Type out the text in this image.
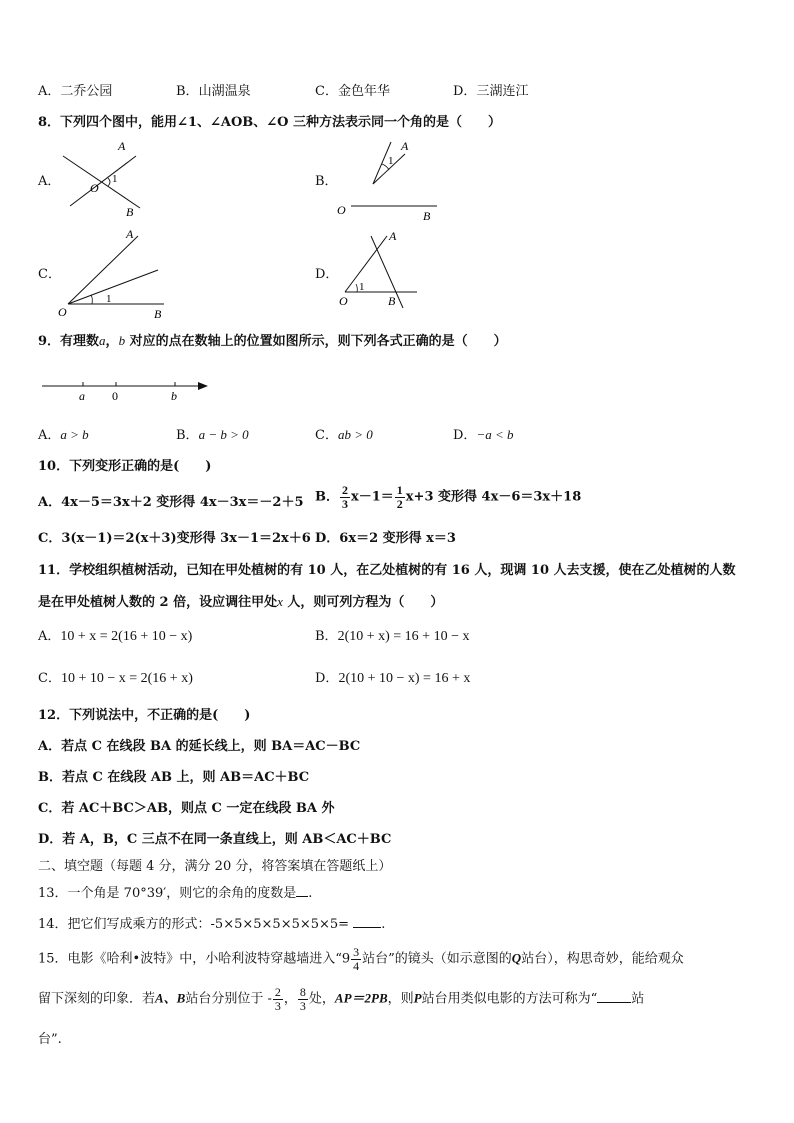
A．二乔公园	B．山湖温泉	C．金色年华	D．三湖连江
8．下列四个图中，能用∠1、∠AOB、∠O 三种方法表示同一个角的是（　　）
A．
A
1
O
B
B．
A
1
O	B
C．
A
1
O	B
D．
A
1
O	B
9．有理数a，b 对应的点在数轴上的位置如图所示，则下列各式正确的是（　　）
a 0	b
A．a > b	B．a − b > 0	C．ab > 0	D．−a < b
10．下列变形正确的是(　　)
A．4x－5＝3x＋2 变形得 4x－3x＝－2＋5 B． $\frac{2}{3} x-1= \frac{1}{2} x+3$ 变形得 4x－6＝3x＋18
C．3(x－1)＝2(x＋3)变形得 3x－1＝2x＋6 D．6x＝2 变形得 x＝3
11．学校组织植树活动，已知在甲处植树的有 10 人，在乙处植树的有 16 人，现调 10 人去支援，使在乙处植树的人数
是在甲处植树人数的 2 倍，设应调往甲处x 人，则可列方程为（　　）
A．10 + x = 2(16 + 10 − x)	B．2(10 + x) = 16 + 10 − x
C．10 + 10 − x = 2(16 + x)	D．2(10 + 10 − x) = 16 + x
12．下列说法中，不正确的是(　　)
A．若点 C 在线段 BA 的延长线上，则 BA＝AC－BC
B．若点 C 在线段 AB 上，则 AB＝AC＋BC
C．若 AC＋BC＞AB，则点 C 一定在线段 BA 外
D．若 A，B，C 三点不在同一条直线上，则 AB＜AC＋BC
二、填空题（每题 4 分，满分 20 分，将答案填在答题纸上）
13．一个角是 70°39′，则它的余角的度数是 .
14．把它们写成乘方的形式：-5×5×5×5×5×5×5= .
15．电影《哈利•波特》中，小哈利波特穿越墙进入“$9 \frac{3}{4}$ 站台”的镜头（如示意图的Q站台），构思奇妙，能给观众
留下深刻的印象．若A、B站台分别位于 - $\frac{2}{3}$ ， $\frac{8}{3}$ 处，AP＝2PB，则P站台用类似电影的方法可称为“	站
台”.
